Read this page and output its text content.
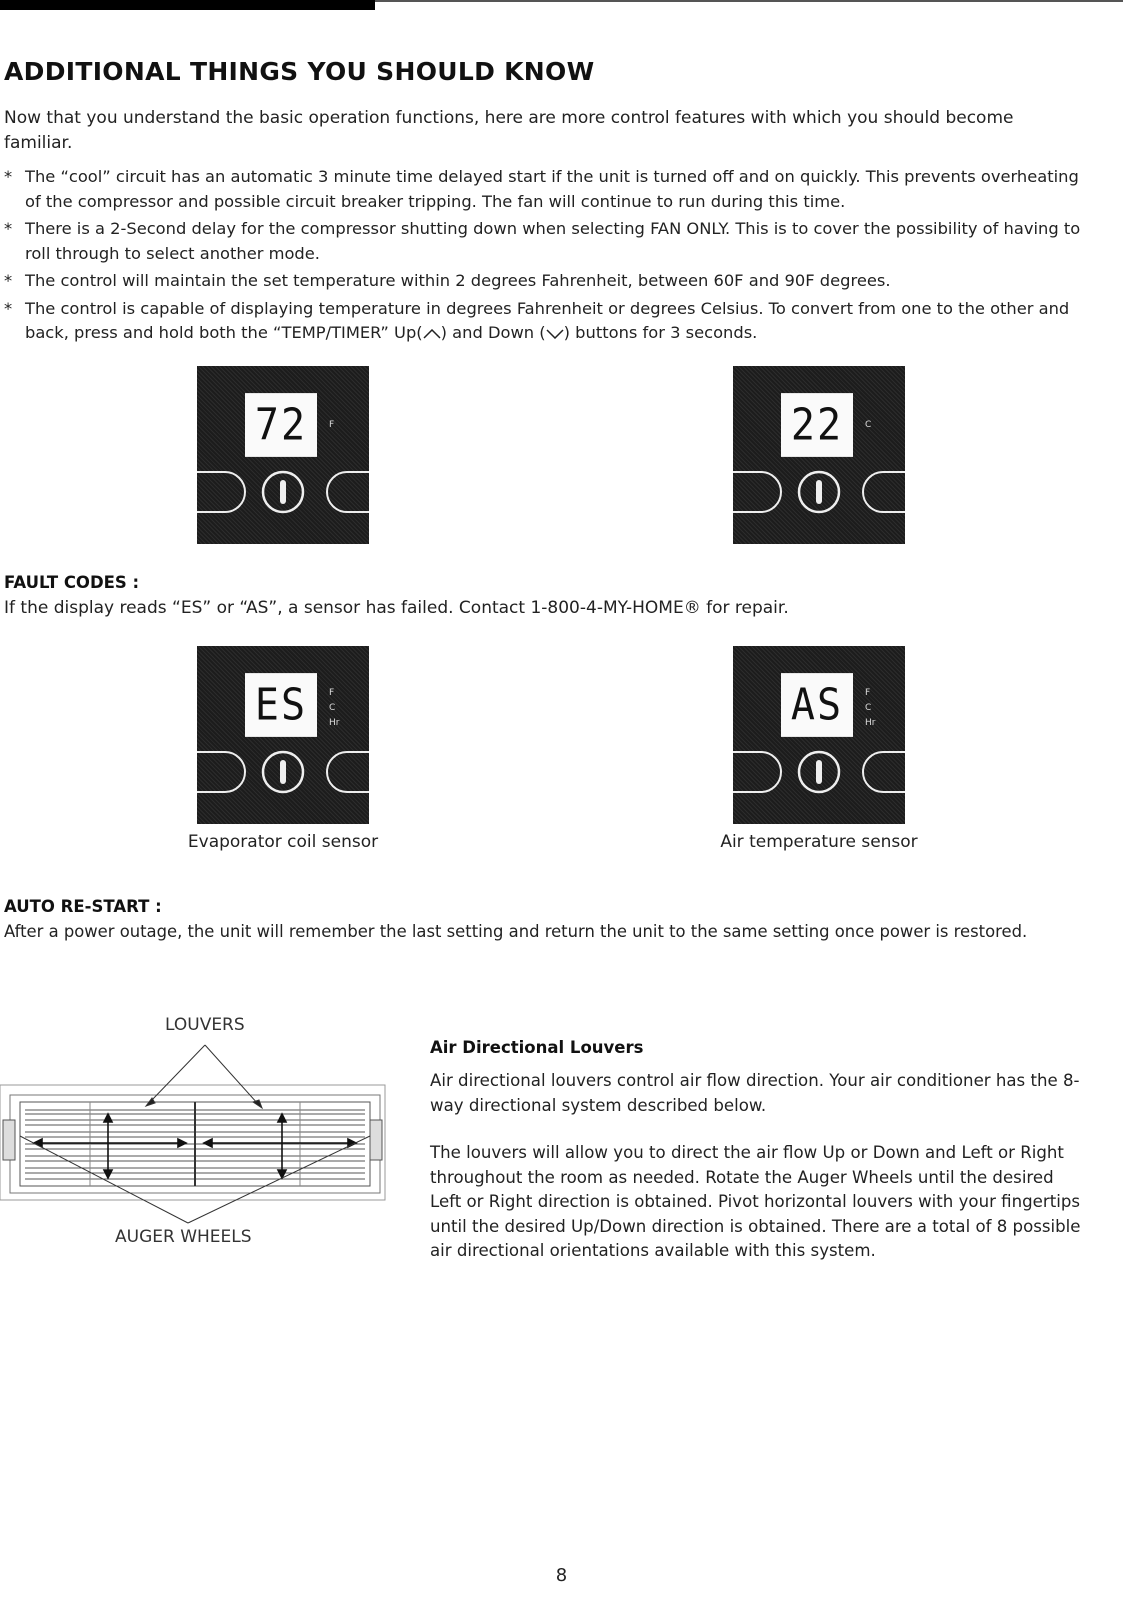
ADDITIONAL THINGS YOU SHOULD KNOW

Now that you understand the basic operation functions, here are more control features with which you should become familiar.

* The “cool” circuit has an automatic 3 minute time delayed start if the unit is turned off and on quickly. This prevents overheating of the compressor and possible circuit breaker tripping. The fan will continue to run during this time.
* There is a 2-Second delay for the compressor shutting down when selecting FAN ONLY. This is to cover the possibility of having to roll through to select another mode.
* The control will maintain the set temperature within 2 degrees Fahrenheit, between 60F and 90F degrees.
* The control is capable of displaying temperature in degrees Fahrenheit or degrees Celsius. To convert from one to the other and back, press and hold both the “TEMP/TIMER” Up( ) and Down ( ) buttons for 3 seconds.
72	F	22	C
FAULT CODES :

If the display reads “ES” or “AS”, a sensor has failed. Contact 1-800-4-MY-HOME® for repair.

ES	F
C
Hr	AS	F
C
Hr

Evaporator coil sensor	Air temperature sensor

AUTO RE-START :

After a power outage, the unit will remember the last setting and return the unit to the same setting once power is restored.

LOUVERS

AUGER WHEELS

Air Directional Louvers

Air directional louvers control air flow direction. Your air conditioner has the 8-way directional system described below.

The louvers will allow you to direct the air flow Up or Down and Left or Right throughout the room as needed. Rotate the Auger Wheels until the desired Left or Right direction is obtained. Pivot horizontal louvers with your fingertips until the desired Up/Down direction is obtained. There are a total of 8 possible air directional orientations available with this system.

8
